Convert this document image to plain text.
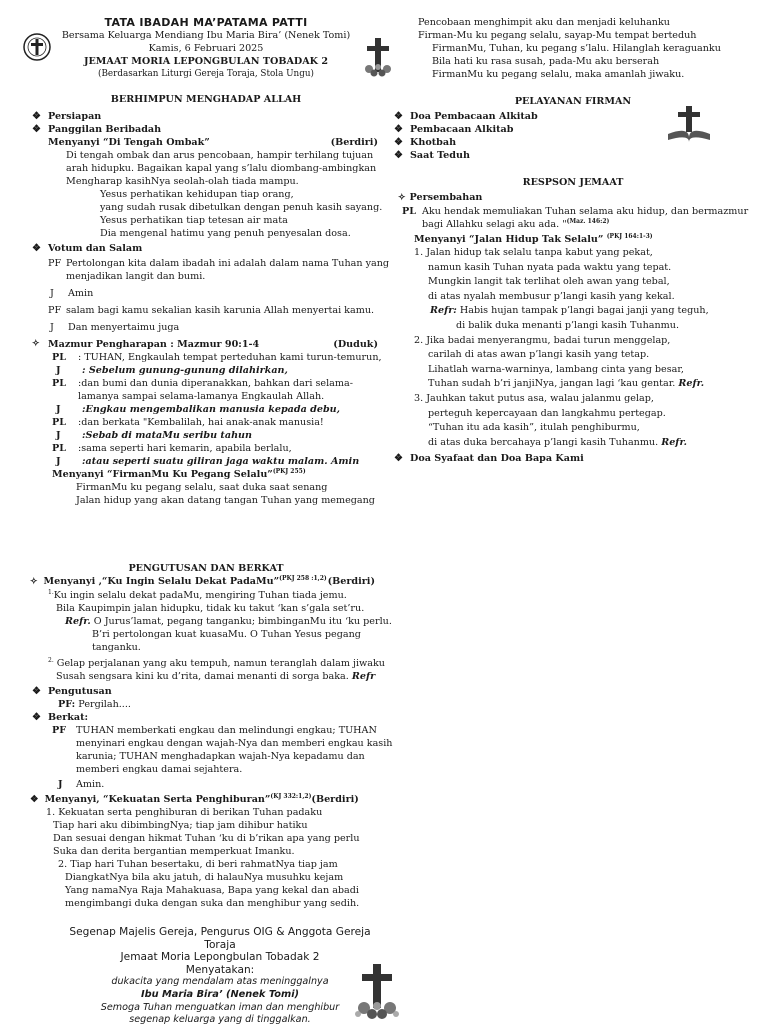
TATA IBADAH MA’PATAMA PATTI
Bersama Keluarga Mendiang Ibu Maria Bira’ (Nenek Tomi)
Kamis, 6 Februari 2025
JEMAAT MORIA LEPONGBULAN TOBADAK 2
(Berdasarkan Liturgi Gereja Toraja, Stola Ungu)
BERHIMPUN MENGHADAP ALLAH
❖ Persiapan
❖ Panggilan Beribadah
Menyanyi “Di Tengah Ombak”	(Berdiri)
Di tengah ombak dan arus pencobaan, hampir terhilang tujuan
arah hidupku. Bagaikan kapal yang s’lalu diombang-ambingkan
Mengharap kasihNya seolah-olah tiada mampu.
Yesus perhatikan kehidupan tiap orang,
yang sudah rusak dibetulkan dengan penuh kasih sayang.
Yesus perhatikan tiap tetesan air mata
Dia mengenal hatimu yang penuh penyesalan dosa.
❖ Votum dan Salam
PF Pertolongan kita dalam ibadah ini adalah dalam nama Tuhan yang
menjadikan langit dan bumi.
J	Amin
PF salam bagi kamu sekalian kasih karunia Allah menyertai kamu.
J	Dan menyertaimu juga
✧ Mazmur Pengharapan : Mazmur 90:1-4	(Duduk)
PL	: TUHAN, Engkaulah tempat perteduhan kami turun-temurun,
J	: Sebelum gunung-gunung dilahirkan,
PL	:dan bumi dan dunia diperanakkan, bahkan dari selama-
lamanya sampai selama-lamanya Engkaulah Allah.
J	:Engkau mengembalikan manusia kepada debu,
PL	:dan berkata "Kembalilah, hai anak-anak manusia!
J	:Sebab di mataMu seribu tahun
PL	:sama seperti hari kemarin, apabila berlalu,
J	:atau seperti suatu giliran jaga waktu malam. Amin
Menyanyi “FirmanMu Ku Pegang Selalu”$^{(PKJ 255)}$
FirmanMu ku pegang selalu, saat duka saat senang
Jalan hidup yang akan datang tangan Tuhan yang memegang
PENGUTUSAN DAN BERKAT
✧ Menyanyi ,“Ku Ingin Selalu Dekat PadaMu”$^{(PKJ 258 :1,2)}$ (Berdiri)
$^{1.}$Ku ingin selalu dekat padaMu, mengiring Tuhan tiada jemu.
Bila Kaupimpin jalan hidupku, tidak ku takut ‘kan s’gala set’ru.
Refr. O Jurus’lamat, pegang tanganku; bimbinganMu itu ‘ku perlu.
B’ri pertolongan kuat kuasaMu. O Tuhan Yesus pegang
tanganku.
$^{2.}$ Gelap perjalanan yang aku tempuh, namun teranglah dalam jiwaku
Susah sengsara kini ku d’rita, damai menanti di sorga baka. Refr
❖ Pengutusan
PF: Pergilah....
❖ Berkat:
PF	TUHAN memberkati engkau dan melindungi engkau; TUHAN
menyinari engkau dengan wajah-Nya dan memberi engkau kasih
karunia; TUHAN menghadapkan wajah-Nya kepadamu dan
memberi engkau damai sejahtera.
J Amin.
❖ Menyanyi, “Kekuatan Serta Penghiburan”$^{(KJ 332:1,2)}$ (Berdiri)
1. Kekuatan serta penghiburan di berikan Tuhan padaku
Tiap hari aku dibimbingNya; tiap jam dihibur hatiku
Dan sesuai dengan hikmat Tuhan ‘ku di b’rikan apa yang perlu
Suka dan derita bergantian memperkuat Imanku.
2. Tiap hari Tuhan besertaku, di beri rahmatNya tiap jam
DiangkatNya bila aku jatuh, di halauNya musuhku kejam
Yang namaNya Raja Mahakuasa, Bapa yang kekal dan abadi
mengimbangi duka dengan suka dan menghibur yang sedih.
Segenap Majelis Gereja, Pengurus OIG & Anggota Gereja
Toraja
Jemaat Moria Lepongbulan Tobadak 2
Menyatakan:
dukacita yang mendalam atas meninggalnya
Ibu Maria Bira’ (Nenek Tomi)
Semoga Tuhan menguatkan iman dan menghibur
segenap keluarga yang di tinggalkan.
Pencobaan menghimpit aku dan menjadi keluhanku
Firman-Mu ku pegang selalu, sayap-Mu tempat berteduh
FirmanMu, Tuhan, ku pegang s’lalu. Hilanglah keraguanku
Bila hati ku rasa susah, pada-Mu aku berserah
FirmanMu ku pegang selalu, maka amanlah jiwaku.
PELAYANAN FIRMAN
❖ Doa Pembacaan Alkitab
❖ Pembacaan Alkitab
❖ Khotbah
❖ Saat Teduh
RESPSON JEMAAT
✧ Persembahan
PL Aku hendak memuliakan Tuhan selama aku hidup, dan bermazmur
bagi Allahku selagi aku ada. "$^{(Maz. 146:2)}$
Menyanyi “Jalan Hidup Tak Selalu” $^{(PKJ 164:1-3)}$
1. Jalan hidup tak selalu tanpa kabut yang pekat,
namun kasih Tuhan nyata pada waktu yang tepat.
Mungkin langit tak terlihat oleh awan yang tebal,
di atas nyalah membusur p’langi kasih yang kekal.
Refr: Habis hujan tampak p’langi bagai janji yang teguh,
di balik duka menanti p’langi kasih Tuhanmu.
2. Jika badai menyerangmu, badai turun menggelap,
carilah di atas awan p’langi kasih yang tetap.
Lihatlah warna-warninya, lambang cinta yang besar,
Tuhan sudah b’ri janjiNya, jangan lagi ‘kau gentar. Refr.
3. Jauhkan takut putus asa, walau jalanmu gelap,
perteguh kepercayaan dan langkahmu pertegap.
“Tuhan itu ada kasih”, itulah penghiburmu,
di atas duka bercahaya p’langi kasih Tuhanmu. Refr.
❖ Doa Syafaat dan Doa Bapa Kami
